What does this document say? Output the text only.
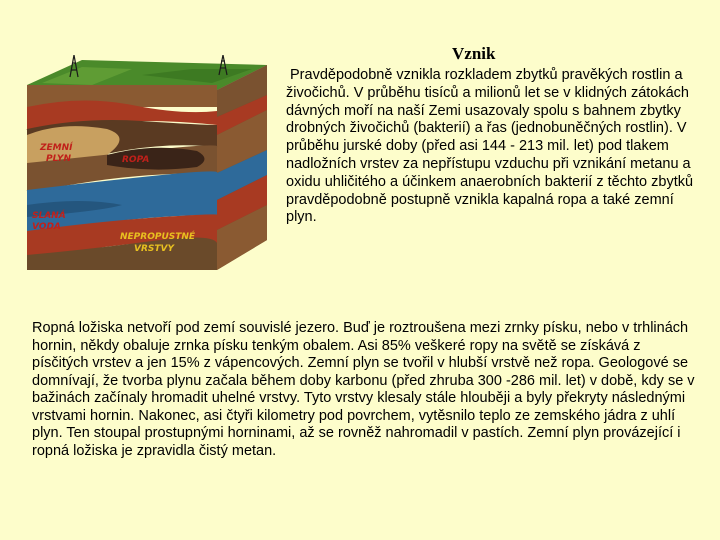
Vznik
ZEMNÍ
PLYN	ROPA
SLANÁ
VODA
NEPROPUSTNÉ
VRSTVY
Pravděpodobně vznikla rozkladem zbytků pravěkých rostlin a živočichů. V průběhu tisíců a milionů let se v klidných zátokách dávných moří na naší Zemi usazovaly spolu s bahnem zbytky drobných živočichů (bakterií) a řas (jednobuněčných rostlin). V průběhu jurské doby (před asi 144 - 213 mil. let) pod tlakem nadložních vrstev za nepřístupu vzduchu při vznikání metanu a oxidu uhličitého a účinkem anaerobních bakterií z těchto zbytků pravděpodobně postupně vznikla kapalná ropa a také zemní plyn.
Ropná ložiska netvoří pod zemí souvislé jezero. Buď je roztroušena mezi zrnky písku, nebo v trhlinách hornin, někdy obaluje zrnka písku tenkým obalem. Asi 85% veškeré ropy na světě se získává z písčitých vrstev a jen 15% z vápencových. Zemní plyn se tvořil v hlubší vrstvě než ropa. Geologové se domnívají, že tvorba plynu začala během doby karbonu (před zhruba 300 -286 mil. let) v době, kdy se v bažinách začínaly hromadit uhelné vrstvy. Tyto vrstvy klesaly stále hlouběji a byly překryty následnými vrstvami hornin. Nakonec, asi čtyři kilometry pod povrchem, vytěsnilo teplo ze zemského jádra z uhlí plyn. Ten stoupal prostupnými horninami, až se rovněž nahromadil v pastích. Zemní plyn provázející i ropná ložiska je zpravidla čistý metan.
